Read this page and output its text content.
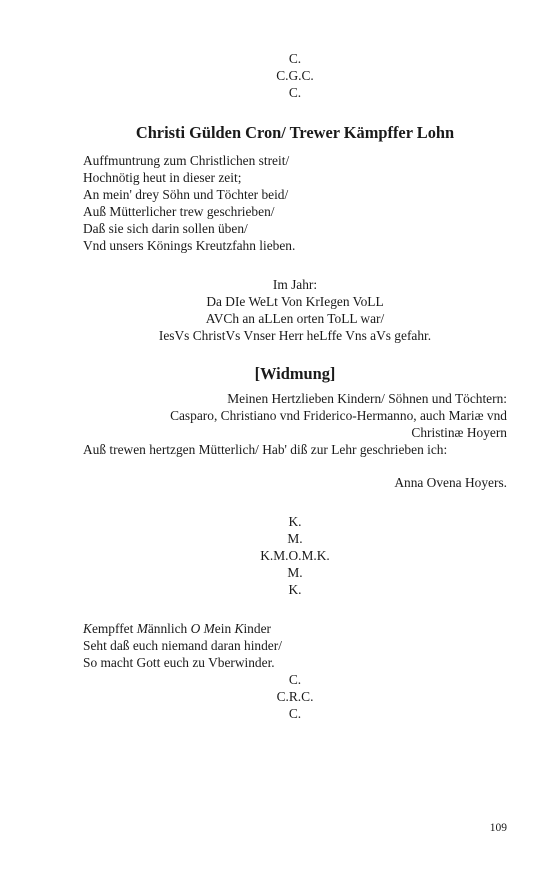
C.
C.G.C.
C.
Christi Gülden Cron/ Trewer Kämpffer Lohn
Auffmuntrung zum Christlichen streit/
Hochnötig heut in dieser zeit;
An mein' drey Söhn und Töchter beid/
Auß Mütterlicher trew geschrieben/
Daß sie sich darin sollen üben/
Vnd unsers Könings Kreutzfahn lieben.
Im Jahr:
Da DIe WeLt Von KrIegen VoLL
AVCh an aLLen orten ToLL war/
IesVs ChristVs Vnser Herr heLffe Vns aVs gefahr.
[Widmung]
Meinen Hertzlieben Kindern/ Söhnen und Töchtern:
Casparo, Christiano vnd Friderico-Hermanno, auch Mariæ vnd
Christinæ Hoyern
Auß trewen hertzgen Mütterlich/ Hab' diß zur Lehr geschrieben ich:
Anna Ovena Hoyers.
K.
M.
K.M.O.M.K.
M.
K.
Kempffet Männlich O Mein Kinder
Seht daß euch niemand daran hinder/
So macht Gott euch zu Vberwinder.
C.
C.R.C.
C.
109
